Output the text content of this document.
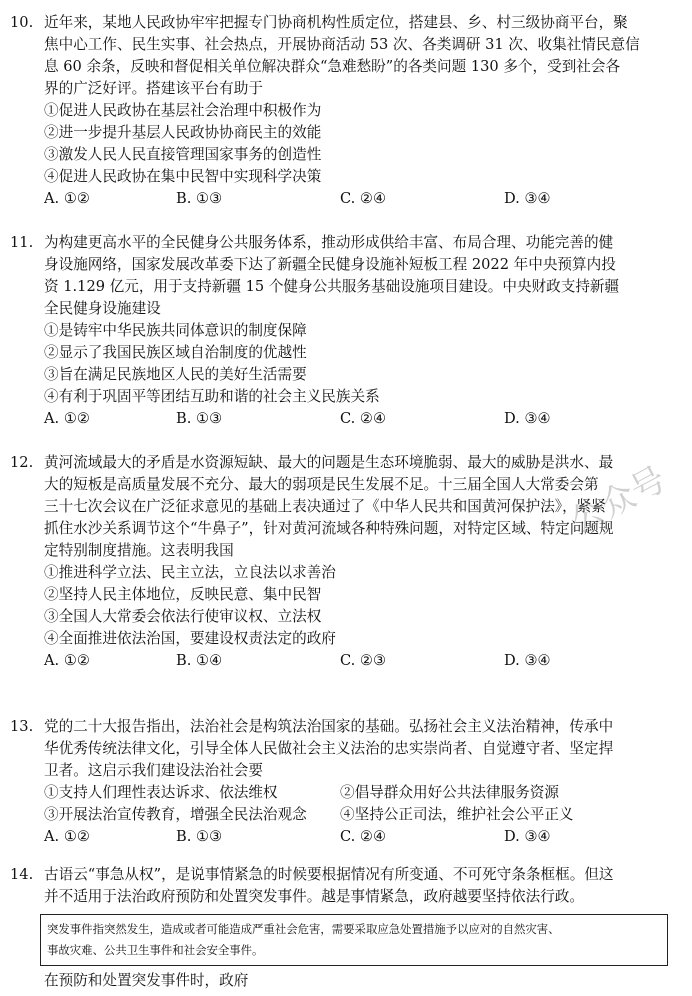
10. 近年来，某地人民政协牢牢把握专门协商机构性质定位，搭建县、乡、村三级协商平台，聚
焦中心工作、民生实事、社会热点，开展协商活动 53 次、各类调研 31 次、收集社情民意信
息 60 余条，反映和督促相关单位解决群众“急难愁盼”的各类问题 130 多个，受到社会各
界的广泛好评。搭建该平台有助于
①促进人民政协在基层社会治理中积极作为
②进一步提升基层人民政协协商民主的效能
③激发人民人民直接管理国家事务的创造性
④促进人民政协在集中民智中实现科学决策
A. ①②	B. ①③	C. ②④	D. ③④
11. 为构建更高水平的全民健身公共服务体系，推动形成供给丰富、布局合理、功能完善的健
身设施网络，国家发展改革委下达了新疆全民健身设施补短板工程 2022 年中央预算内投
资 1.129 亿元，用于支持新疆 15 个健身公共服务基础设施项目建设。中央财政支持新疆
全民健身设施建设
①是铸牢中华民族共同体意识的制度保障
②显示了我国民族区域自治制度的优越性
③旨在满足民族地区人民的美好生活需要
④有利于巩固平等团结互助和谐的社会主义民族关系
A. ①②	B. ①③	C. ②④	D. ③④
12. 黄河流域最大的矛盾是水资源短缺、最大的问题是生态环境脆弱、最大的威胁是洪水、最
大的短板是高质量发展不充分、最大的弱项是民生发展不足。十三届全国人大常委会第
三十七次会议在广泛征求意见的基础上表决通过了《中华人民共和国黄河保护法》，紧紧
抓住水沙关系调节这个“牛鼻子”，针对黄河流域各种特殊问题，对特定区域、特定问题规
定特别制度措施。这表明我国
①推进科学立法、民主立法，立良法以求善治
②坚持人民主体地位，反映民意、集中民智
③全国人大常委会依法行使审议权、立法权
④全面推进依法治国，要建设权责法定的政府
A. ①②	B. ①④	C. ②③	D. ③④
13. 党的二十大报告指出，法治社会是构筑法治国家的基础。弘扬社会主义法治精神，传承中
华优秀传统法律文化，引导全体人民做社会主义法治的忠实崇尚者、自觉遵守者、坚定捍
卫者。这启示我们建设法治社会要
①支持人们理性表达诉求、依法维权	②倡导群众用好公共法律服务资源
③开展法治宣传教育，增强全民法治观念 ④坚持公正司法，维护社会公平正义
A. ①②	B. ①③	C. ②④	D. ③④
14. 古语云“事急从权”，是说事情紧急的时候要根据情况有所变通、不可死守条条框框。但这
并不适用于法治政府预防和处置突发事件。越是事情紧急，政府越要坚持依法行政。
突发事件指突然发生，造成或者可能造成严重社会危害，需要采取应急处置措施予以应对的自然灾害、
事故灾难、公共卫生事件和社会安全事件。
在预防和处置突发事件时，政府
公众号
